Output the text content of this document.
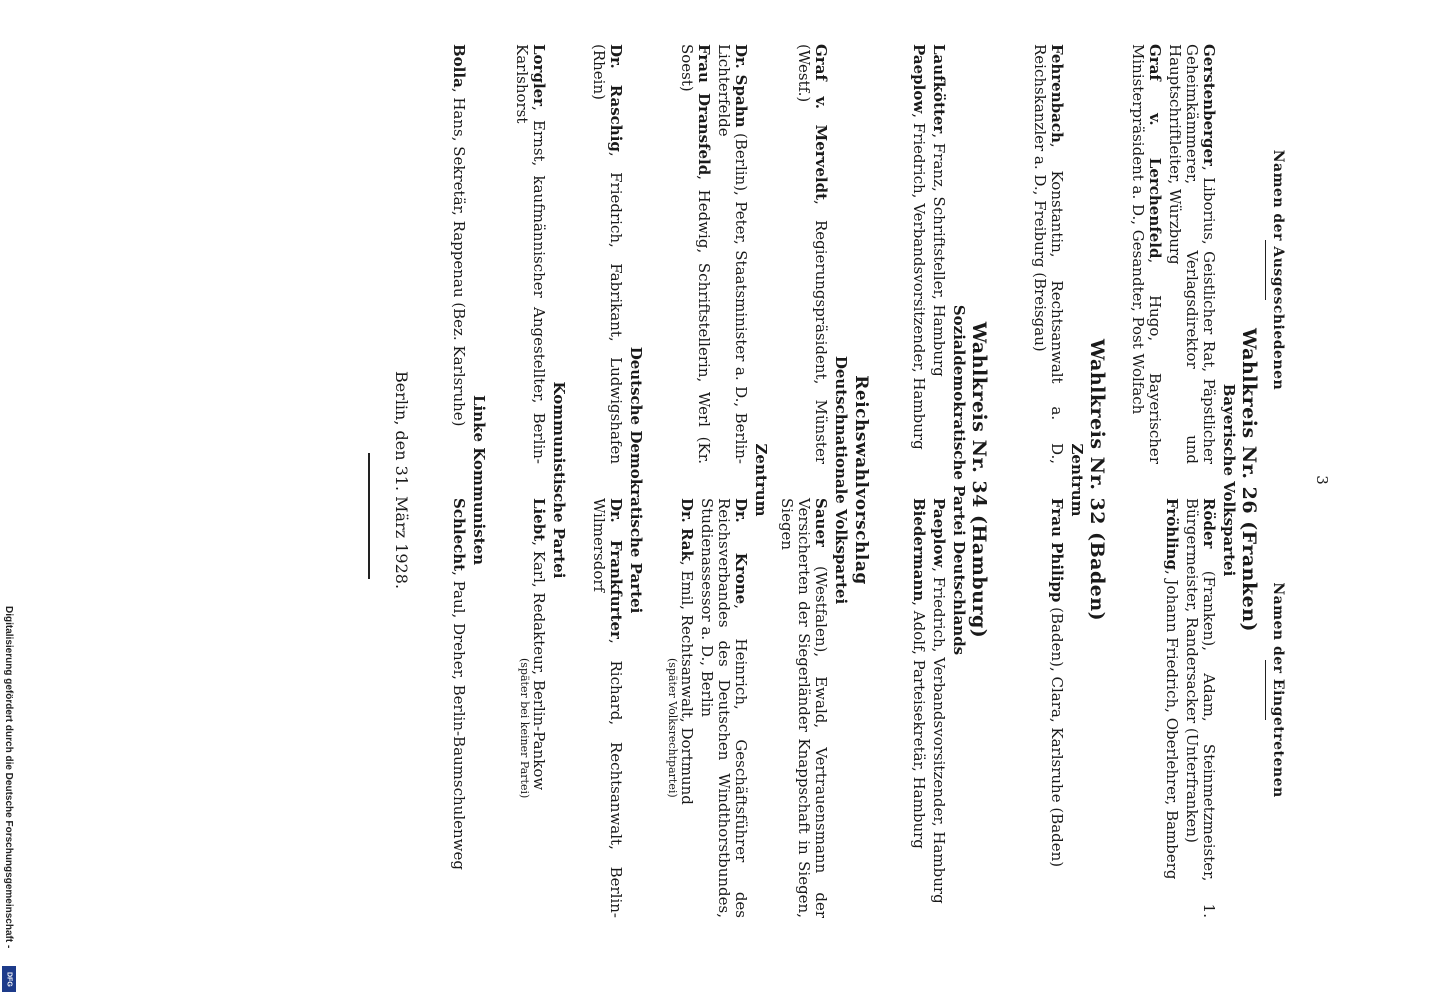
3
Namen der Ausgeschiedenen
Namen der Eingetretenen
Wahlkreis Nr. 26 (Franken)
Bayerische Volkspartei
Gerstenberger, Liborius, Geistlicher Rat, Päpstlicher Geheimkämmerer, Verlagsdirektor und Hauptschriftleiter, Würzburg
Graf v. Lerchenfeld, Hugo, Bayerischer Ministerpräsident a. D., Gesandter, Post Wolfach
Röder (Franken), Adam, Steinmetzmeister, 1. Bürgermeister, Randersacker (Unterfranken)
Fröhling, Johann Friedrich, Oberlehrer, Bamberg
Wahlkreis Nr. 32 (Baden)
Zentrum
Fehrenbach, Konstantin, Rechtsanwalt a. D., Reichskanzler a. D., Freiburg (Breisgau)
Frau Philipp (Baden), Clara, Karlsruhe (Baden)
Wahlkreis Nr. 34 (Hamburg)
Sozialdemokratische Partei Deutschlands
Laufkötter, Franz, Schriftsteller, Hamburg
Paeplow, Friedrich, Verbandsvorsitzender, Hamburg
Paeplow, Friedrich, Verbandsvorsitzender, Hamburg
Biedermann, Adolf, Parteisekretär, Hamburg
Reichswahlvorschlag
Deutschnationale Volkspartei
Graf v. Merveldt, Regierungspräsident, Münster (Westf.)
Sauer (Westfalen), Ewald, Vertrauensmann der Versicherten der Siegerländer Knappschaft in Siegen, Siegen
Zentrum
Dr. Spahn (Berlin), Peter, Staatsminister a. D., Berlin-Lichterfelde
Frau Dransfeld, Hedwig, Schriftstellerin, Werl (Kr. Soest)
Dr. Krone, Heinrich, Geschäftsführer des Reichsverbandes des Deutschen Windthorstbundes, Studienassessor a. D., Berlin
Dr. Rak, Emil, Rechtsanwalt, Dortmund
(später Volksrechtpartei)
Deutsche Demokratische Partei
Dr. Raschig, Friedrich, Fabrikant, Ludwigshafen (Rhein)
Dr. Frankfurter, Richard, Rechtsanwalt, Berlin-Wilmersdorf
Kommunistische Partei
Lorgler, Ernst, kaufmännischer Angestellter, Berlin-Karlshorst
Liebt, Karl, Redakteur, Berlin-Pankow
(später bei keiner Partei)
Linke Kommunisten
Bolla, Hans, Sekretär, Rappenau (Bez. Karlsruhe)
Schlecht, Paul, Dreher, Berlin-Baumschulenweg
Berlin, den 31. März 1928.
Digitalisierung gefördert durch die Deutsche Forschungsgemeinschaft -
DFG
